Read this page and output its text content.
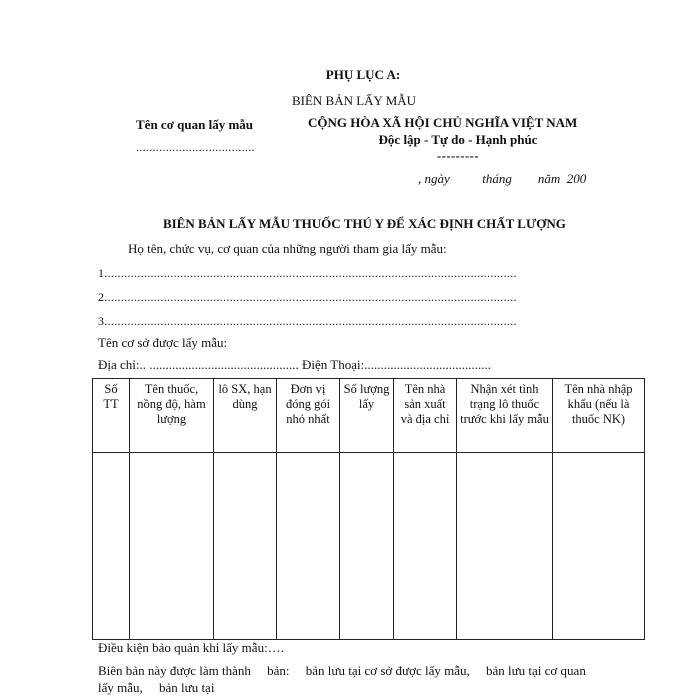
PHỤ LỤC A:
BIÊN BẢN LẤY MẪU
Tên cơ quan lấy mẫu
....................................
CỘNG HÒA XÃ HỘI CHỦ NGHĨA VIỆT NAM
Độc lập - Tự do - Hạnh phúc
---------
, ngày          tháng        năm  200
BIÊN BẢN LẤY MẪU THUỐC THÚ Y ĐỂ XÁC ĐỊNH CHẤT LƯỢNG
Họ tên, chức vụ, cơ quan của những người tham gia lấy mẫu:
1.............................................................................................................................
2.............................................................................................................................
3.............................................................................................................................
Tên cơ sở được lấy mẫu:
Địa chỉ:.. .............................................. Điện Thoại:.......................................
Số TT	Tên thuốc, nồng độ, hàm lượng	lô SX, hạn dùng	Đơn vị đóng gói nhỏ nhất	Số lượng lấy	Tên nhà sản xuất và địa chỉ	Nhận xét tình trạng lô thuốc trước khi lấy mẫu	Tên nhà nhập khẩu (nếu là thuốc NK)

Điều kiện bảo quản khi lấy mẫu:….
Biên bản này được làm thành     bản:     bản lưu tại cơ sở được lấy mẫu,     bản lưu tại cơ quan
lấy mẫu,     bản lưu tại
